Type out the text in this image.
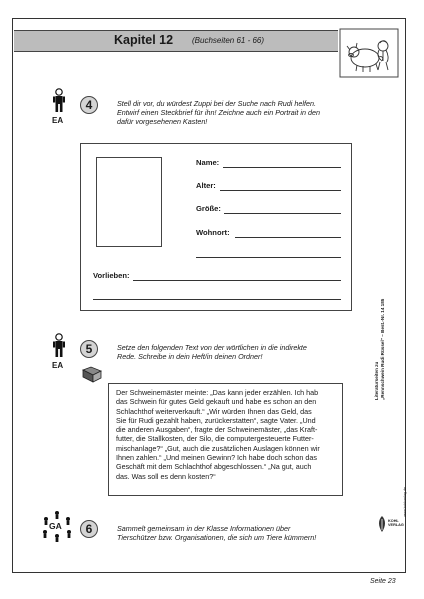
Kapitel 12 (Buchseiten 61 - 66)
EA
4	Stell dir vor, du würdest Zuppi bei der Suche nach Rudi helfen.
Entwirf einen Steckbrief für ihn! Zeichne auch ein Portrait in den
dafür vorgesehenen Kasten!
Name:
Alter:
Größe:
Wohnort:
Vorlieben:
EA
5	Setze den folgenden Text von der wörtlichen in die indirekte
Rede. Schreibe in dein Heft/in deinen Ordner!
Der Schweinemäster meinte: „Das kann jeder erzählen. Ich hab
das Schwein für gutes Geld gekauft und habe es schon an den
Schlachthof weiterverkauft.“ „Wir würden Ihnen das Geld, das
Sie für Rudi gezahlt haben, zurückerstatten“, sagte Vater. „Und
die anderen Ausgaben“, fragte der Schweinemäster, „das Kraft-
futter, die Stallkosten, der Silo, die computergesteuerte Futter-
mischanlage?“ „Gut, auch die zusätzlichen Auslagen können wir
Ihnen zahlen.“ „Und meinen Gewinn? Ich habe doch schon das
Geschäft mit dem Schlachthof abgeschlossen.“ „Na gut, auch
das. Was soll es denn kosten?“
GA	6	Sammelt gemeinsam in der Klasse Informationen über
Tierschützer bzw. Organisationen, die sich um Tiere kümmern!
Literaturseiten zu „Rennschwein Rudi Rüssel“ – Best.-Nr. 14 185
KOHL VERLAG
www.kohlverlag.de
Seite 23
